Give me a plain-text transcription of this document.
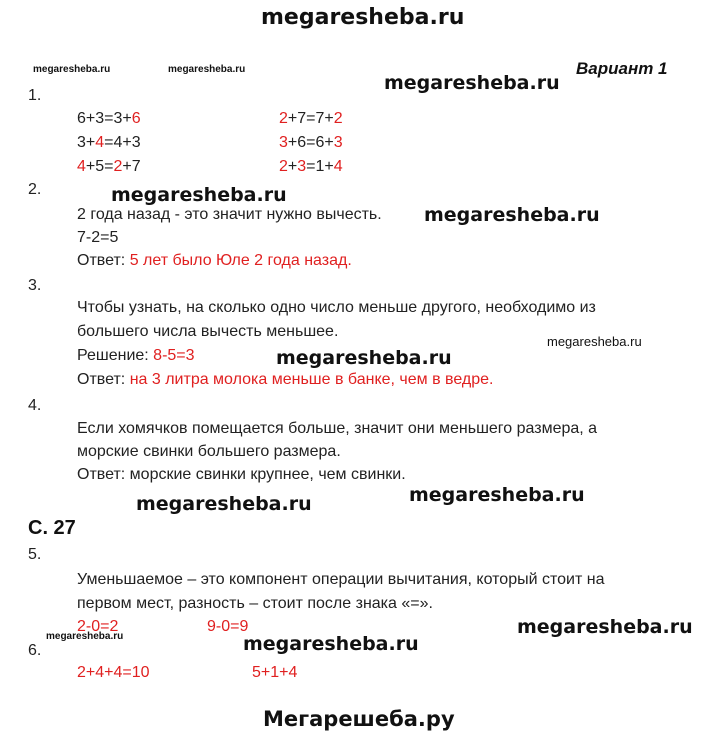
megaresheba.ru
megaresheba.ru	megaresheba.ru
megaresheba.ru
Вариант 1
1.
6+3=3+6	2+7=7+2
3+4=4+3	3+6=6+3
4+5=2+7	2+3=1+4
2.	megaresheba.ru
2 года назад - это значит нужно вычесть. megaresheba.ru
7-2=5
Ответ: 5 лет было Юле 2 года назад.
3.
Чтобы узнать, на сколько одно число меньше другого, необходимо из
большего числа вычесть меньшее.
megaresheba.ru
Решение: 8-5=3	megaresheba.ru
Ответ: на 3 литра молока меньше в банке, чем в ведре.
4.
Если хомячков помещается больше, значит они меньшего размера, а
морские свинки большего размера.
Ответ: морские свинки крупнее, чем свинки.
megaresheba.ru
megaresheba.ru
С. 27
5.
Уменьшаемое – это компонент операции вычитания, который стоит на
первом мест, разность – стоит после знака «=».
2-0=2	9-0=9	megaresheba.ru
megaresheba.ru	megaresheba.ru
6.
2+4+4=10	5+1+4
Мегарешеба.ру
